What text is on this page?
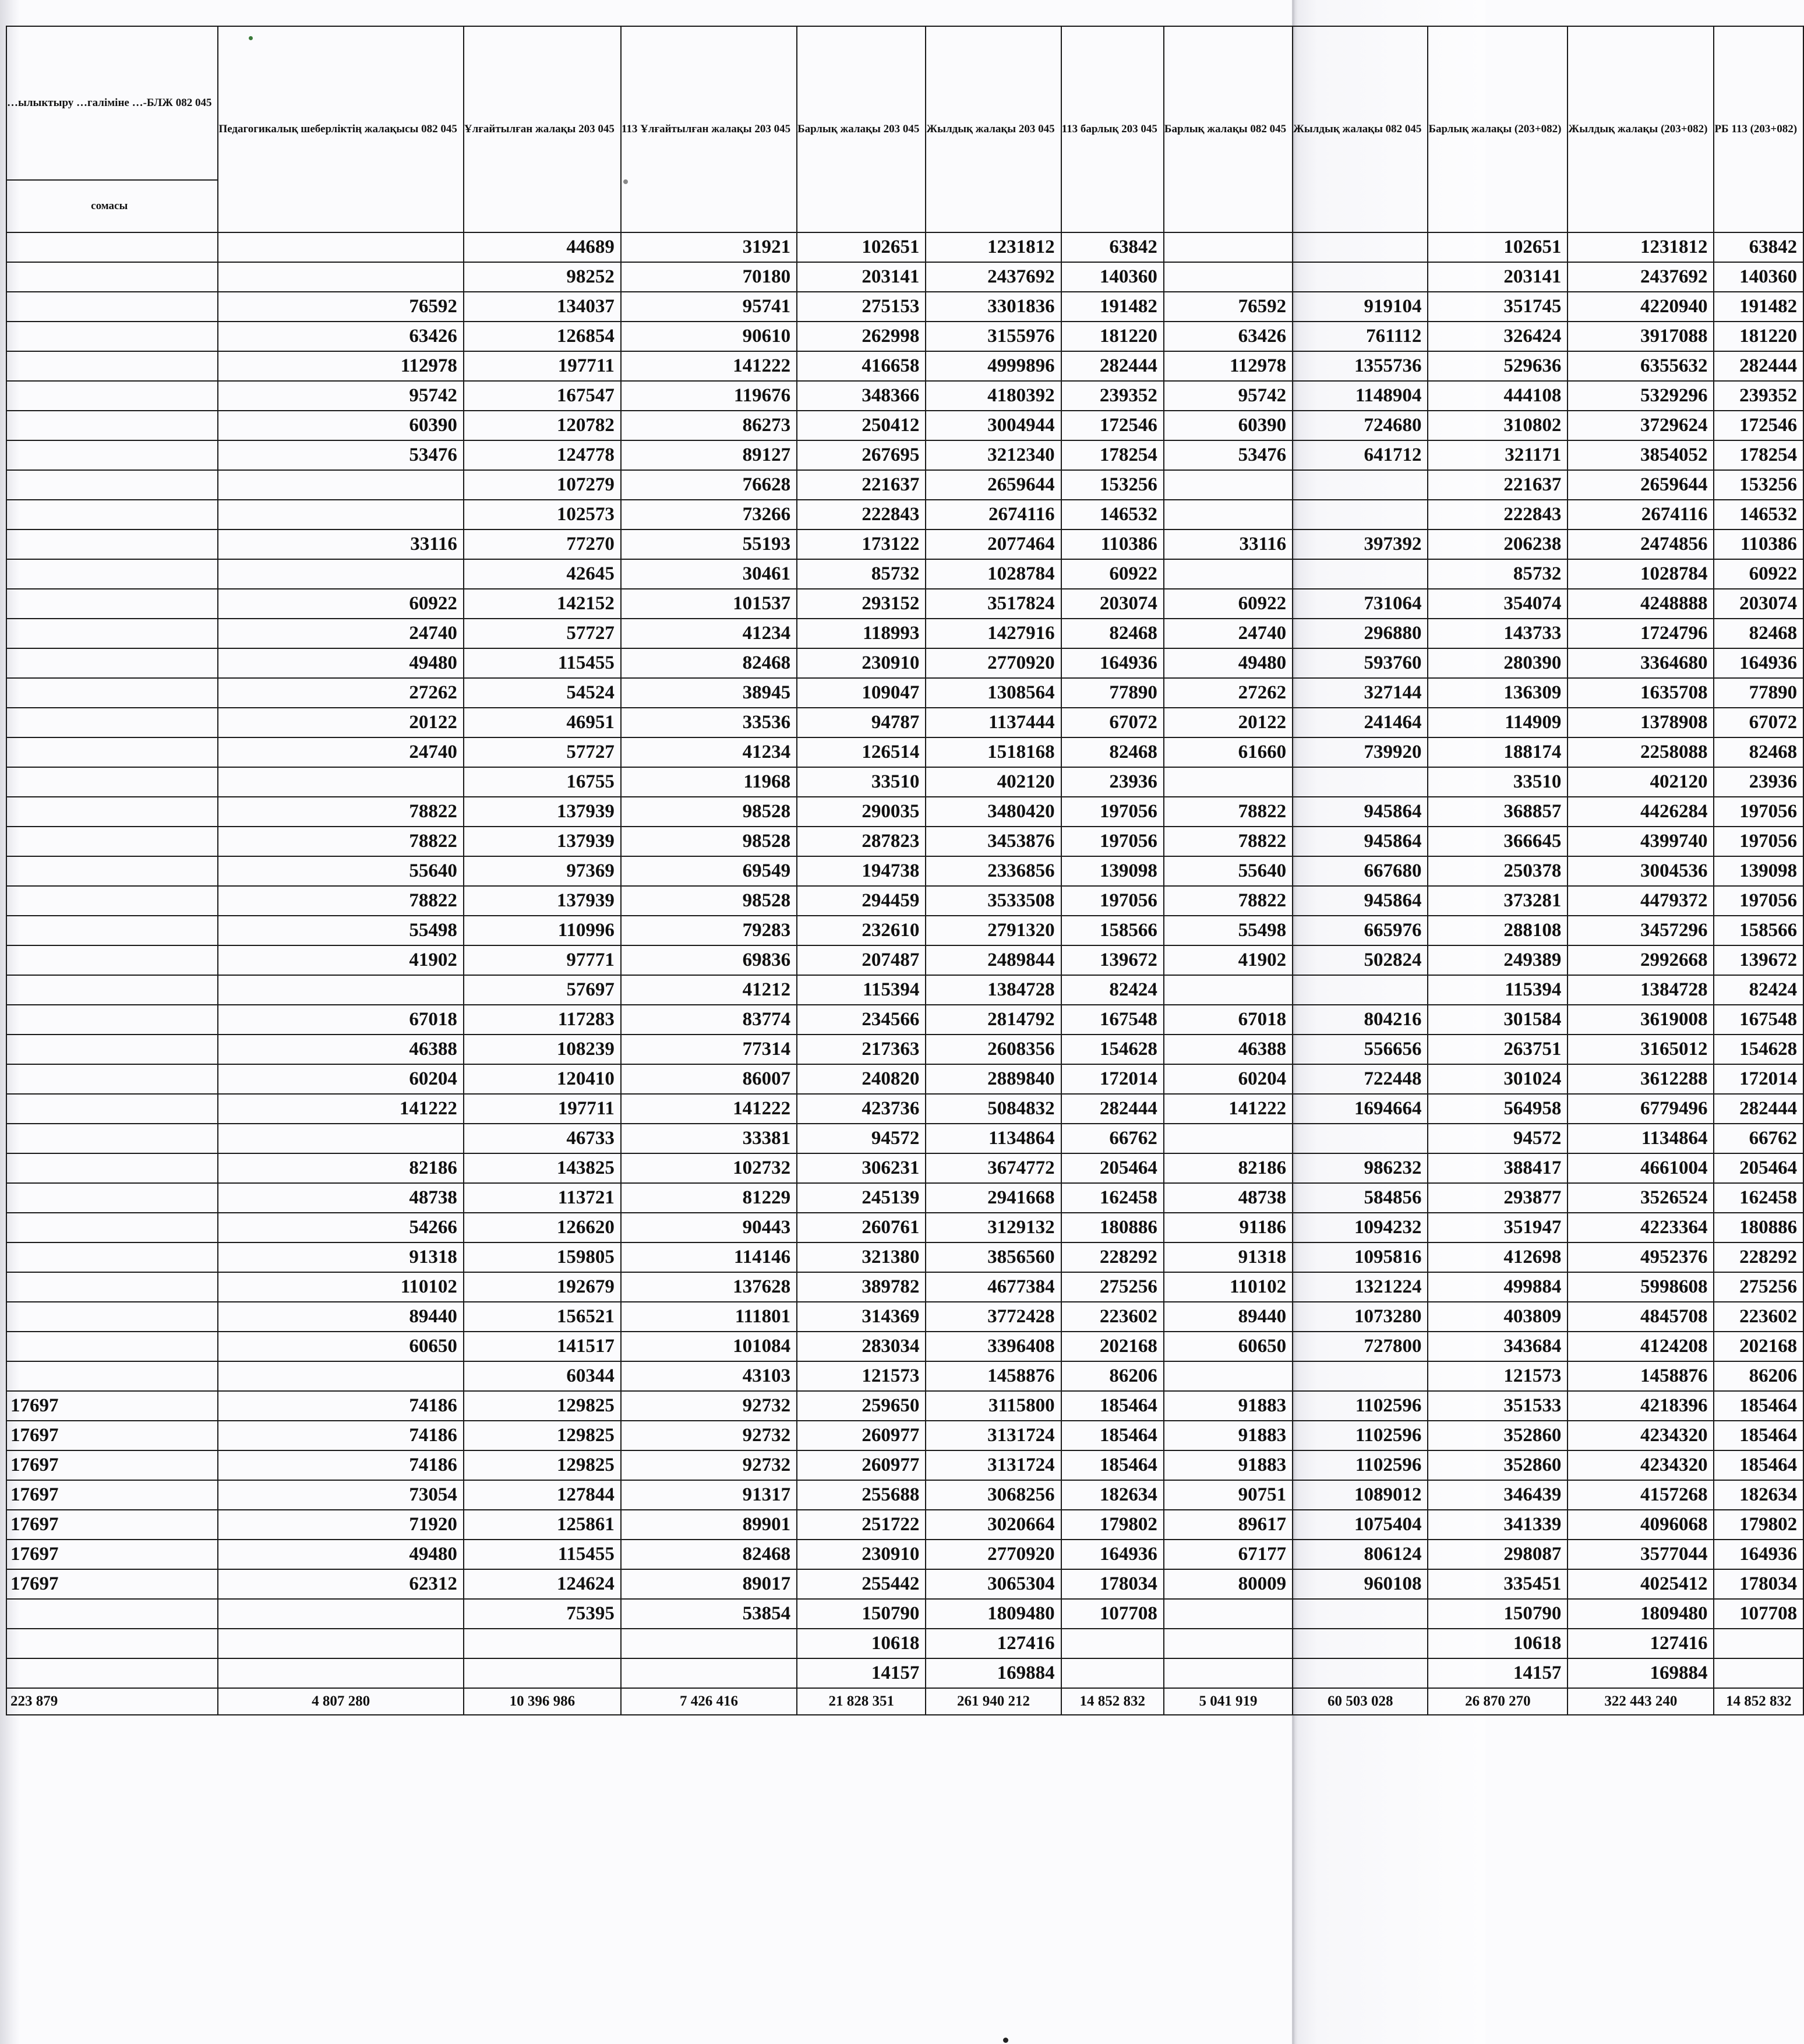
…ылыктыру …галіміне …-БЛЖ 082 045	Педагогикалық шеберліктің жалақысы 082 045	Ұлғайтылған жалақы 203 045	113 Ұлғайтылған жалақы 203 045	Барлық жалақы 203 045	Жылдық жалақы 203 045	113 барлық 203 045	Барлық жалақы 082 045	Жылдық жалақы 082 045	Барлық жалақы (203+082)	Жылдық жалақы (203+082)	РБ 113 (203+082)

сомасы											
		44689	31921	102651	1231812	63842			102651	1231812	63842
		98252	70180	203141	2437692	140360			203141	2437692	140360
	76592	134037	95741	275153	3301836	191482	76592	919104	351745	4220940	191482
	63426	126854	90610	262998	3155976	181220	63426	761112	326424	3917088	181220
	112978	197711	141222	416658	4999896	282444	112978	1355736	529636	6355632	282444
	95742	167547	119676	348366	4180392	239352	95742	1148904	444108	5329296	239352
	60390	120782	86273	250412	3004944	172546	60390	724680	310802	3729624	172546
	53476	124778	89127	267695	3212340	178254	53476	641712	321171	3854052	178254
		107279	76628	221637	2659644	153256			221637	2659644	153256
		102573	73266	222843	2674116	146532			222843	2674116	146532
	33116	77270	55193	173122	2077464	110386	33116	397392	206238	2474856	110386
		42645	30461	85732	1028784	60922			85732	1028784	60922
	60922	142152	101537	293152	3517824	203074	60922	731064	354074	4248888	203074
	24740	57727	41234	118993	1427916	82468	24740	296880	143733	1724796	82468
	49480	115455	82468	230910	2770920	164936	49480	593760	280390	3364680	164936
	27262	54524	38945	109047	1308564	77890	27262	327144	136309	1635708	77890
	20122	46951	33536	94787	1137444	67072	20122	241464	114909	1378908	67072
	24740	57727	41234	126514	1518168	82468	61660	739920	188174	2258088	82468
		16755	11968	33510	402120	23936			33510	402120	23936
	78822	137939	98528	290035	3480420	197056	78822	945864	368857	4426284	197056
	78822	137939	98528	287823	3453876	197056	78822	945864	366645	4399740	197056
	55640	97369	69549	194738	2336856	139098	55640	667680	250378	3004536	139098
	78822	137939	98528	294459	3533508	197056	78822	945864	373281	4479372	197056
	55498	110996	79283	232610	2791320	158566	55498	665976	288108	3457296	158566
	41902	97771	69836	207487	2489844	139672	41902	502824	249389	2992668	139672
		57697	41212	115394	1384728	82424			115394	1384728	82424
	67018	117283	83774	234566	2814792	167548	67018	804216	301584	3619008	167548
	46388	108239	77314	217363	2608356	154628	46388	556656	263751	3165012	154628
	60204	120410	86007	240820	2889840	172014	60204	722448	301024	3612288	172014
	141222	197711	141222	423736	5084832	282444	141222	1694664	564958	6779496	282444
		46733	33381	94572	1134864	66762			94572	1134864	66762
	82186	143825	102732	306231	3674772	205464	82186	986232	388417	4661004	205464
	48738	113721	81229	245139	2941668	162458	48738	584856	293877	3526524	162458
	54266	126620	90443	260761	3129132	180886	91186	1094232	351947	4223364	180886
	91318	159805	114146	321380	3856560	228292	91318	1095816	412698	4952376	228292
	110102	192679	137628	389782	4677384	275256	110102	1321224	499884	5998608	275256
	89440	156521	111801	314369	3772428	223602	89440	1073280	403809	4845708	223602
	60650	141517	101084	283034	3396408	202168	60650	727800	343684	4124208	202168
		60344	43103	121573	1458876	86206			121573	1458876	86206
17697	74186	129825	92732	259650	3115800	185464	91883	1102596	351533	4218396	185464
17697	74186	129825	92732	260977	3131724	185464	91883	1102596	352860	4234320	185464
17697	74186	129825	92732	260977	3131724	185464	91883	1102596	352860	4234320	185464
17697	73054	127844	91317	255688	3068256	182634	90751	1089012	346439	4157268	182634
17697	71920	125861	89901	251722	3020664	179802	89617	1075404	341339	4096068	179802
17697	49480	115455	82468	230910	2770920	164936	67177	806124	298087	3577044	164936
17697	62312	124624	89017	255442	3065304	178034	80009	960108	335451	4025412	178034
		75395	53854	150790	1809480	107708			150790	1809480	107708
				10618	127416				10618	127416	
				14157	169884				14157	169884	
223 879	4 807 280	10 396 986	7 426 416	21 828 351	261 940 212	14 852 832	5 041 919	60 503 028	26 870 270	322 443 240	14 852 832
